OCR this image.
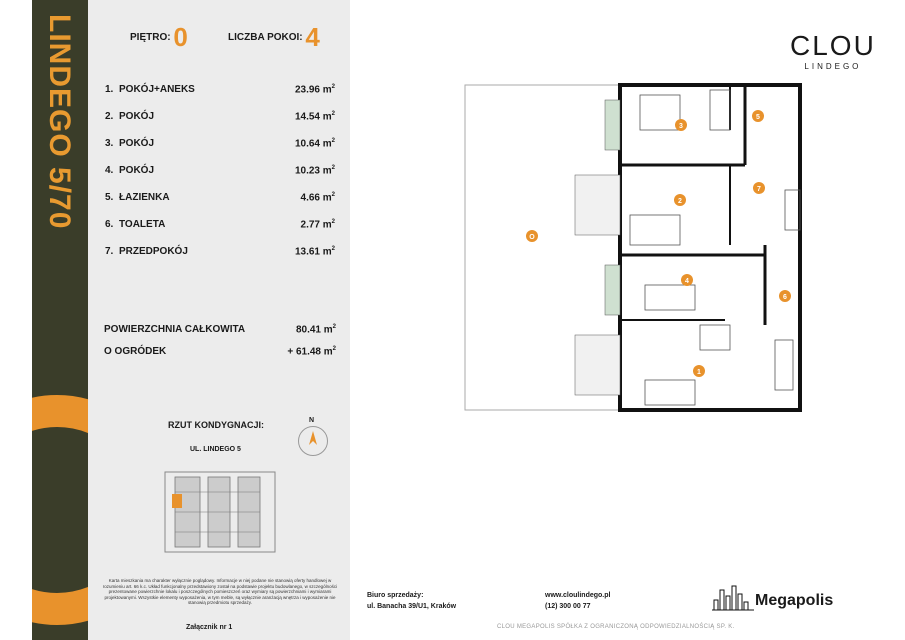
LINDEGO 5/70	PIĘTRO: 0	LICZBA POKOI: 4
1. POKÓJ+ANEKS	23.96 $m^2$
2. POKÓJ	14.54 $m^2$
3. POKÓJ	10.64 $m^2$
4. POKÓJ	10.23 $m^2$
5. ŁAZIENKA	4.66 $m^2$
6. TOALETA	2.77 $m^2$
7. PRZEDPOKÓJ	13.61 $m^2$
POWIERZCHNIA CAŁKOWITA	80.41 $m^2$
O OGRÓDEK	+ 61.48 $m^2$
RZUT KONDYGNACJI:	N
UL. LINDEGO 5
Karta mieszkania ma charakter wyłącznie poglądowy. Informacje w niej podane nie stanowią oferty handlowej w rozumieniu art. 66 k.c. Układ funkcjonalny przedstawiony został na podstawie projektu budowlanego, w szczególności prezentowane powierzchnie lokalu i poszczególnych pomieszczeń oraz wymiary są powierzchniami i wymiarami projektowanymi. Wszystkie elementy wyposażenia, w tym meble, są wyłącznie aranżacją wnętrza i wyposażenie nie stanowią przedmiotu sprzedaży.
Załącznik nr 1
CLOU
LINDEGO
1
2
3
4
5
6
7
O
Biuro sprzedaży:
ul. Banacha 39/U1, Kraków
www.cloulindego.pl
(12) 300 00 77	Megapolis
CLOU MEGAPOLIS SPÓŁKA Z OGRANICZONĄ ODPOWIEDZIALNOŚCIĄ SP. K.
